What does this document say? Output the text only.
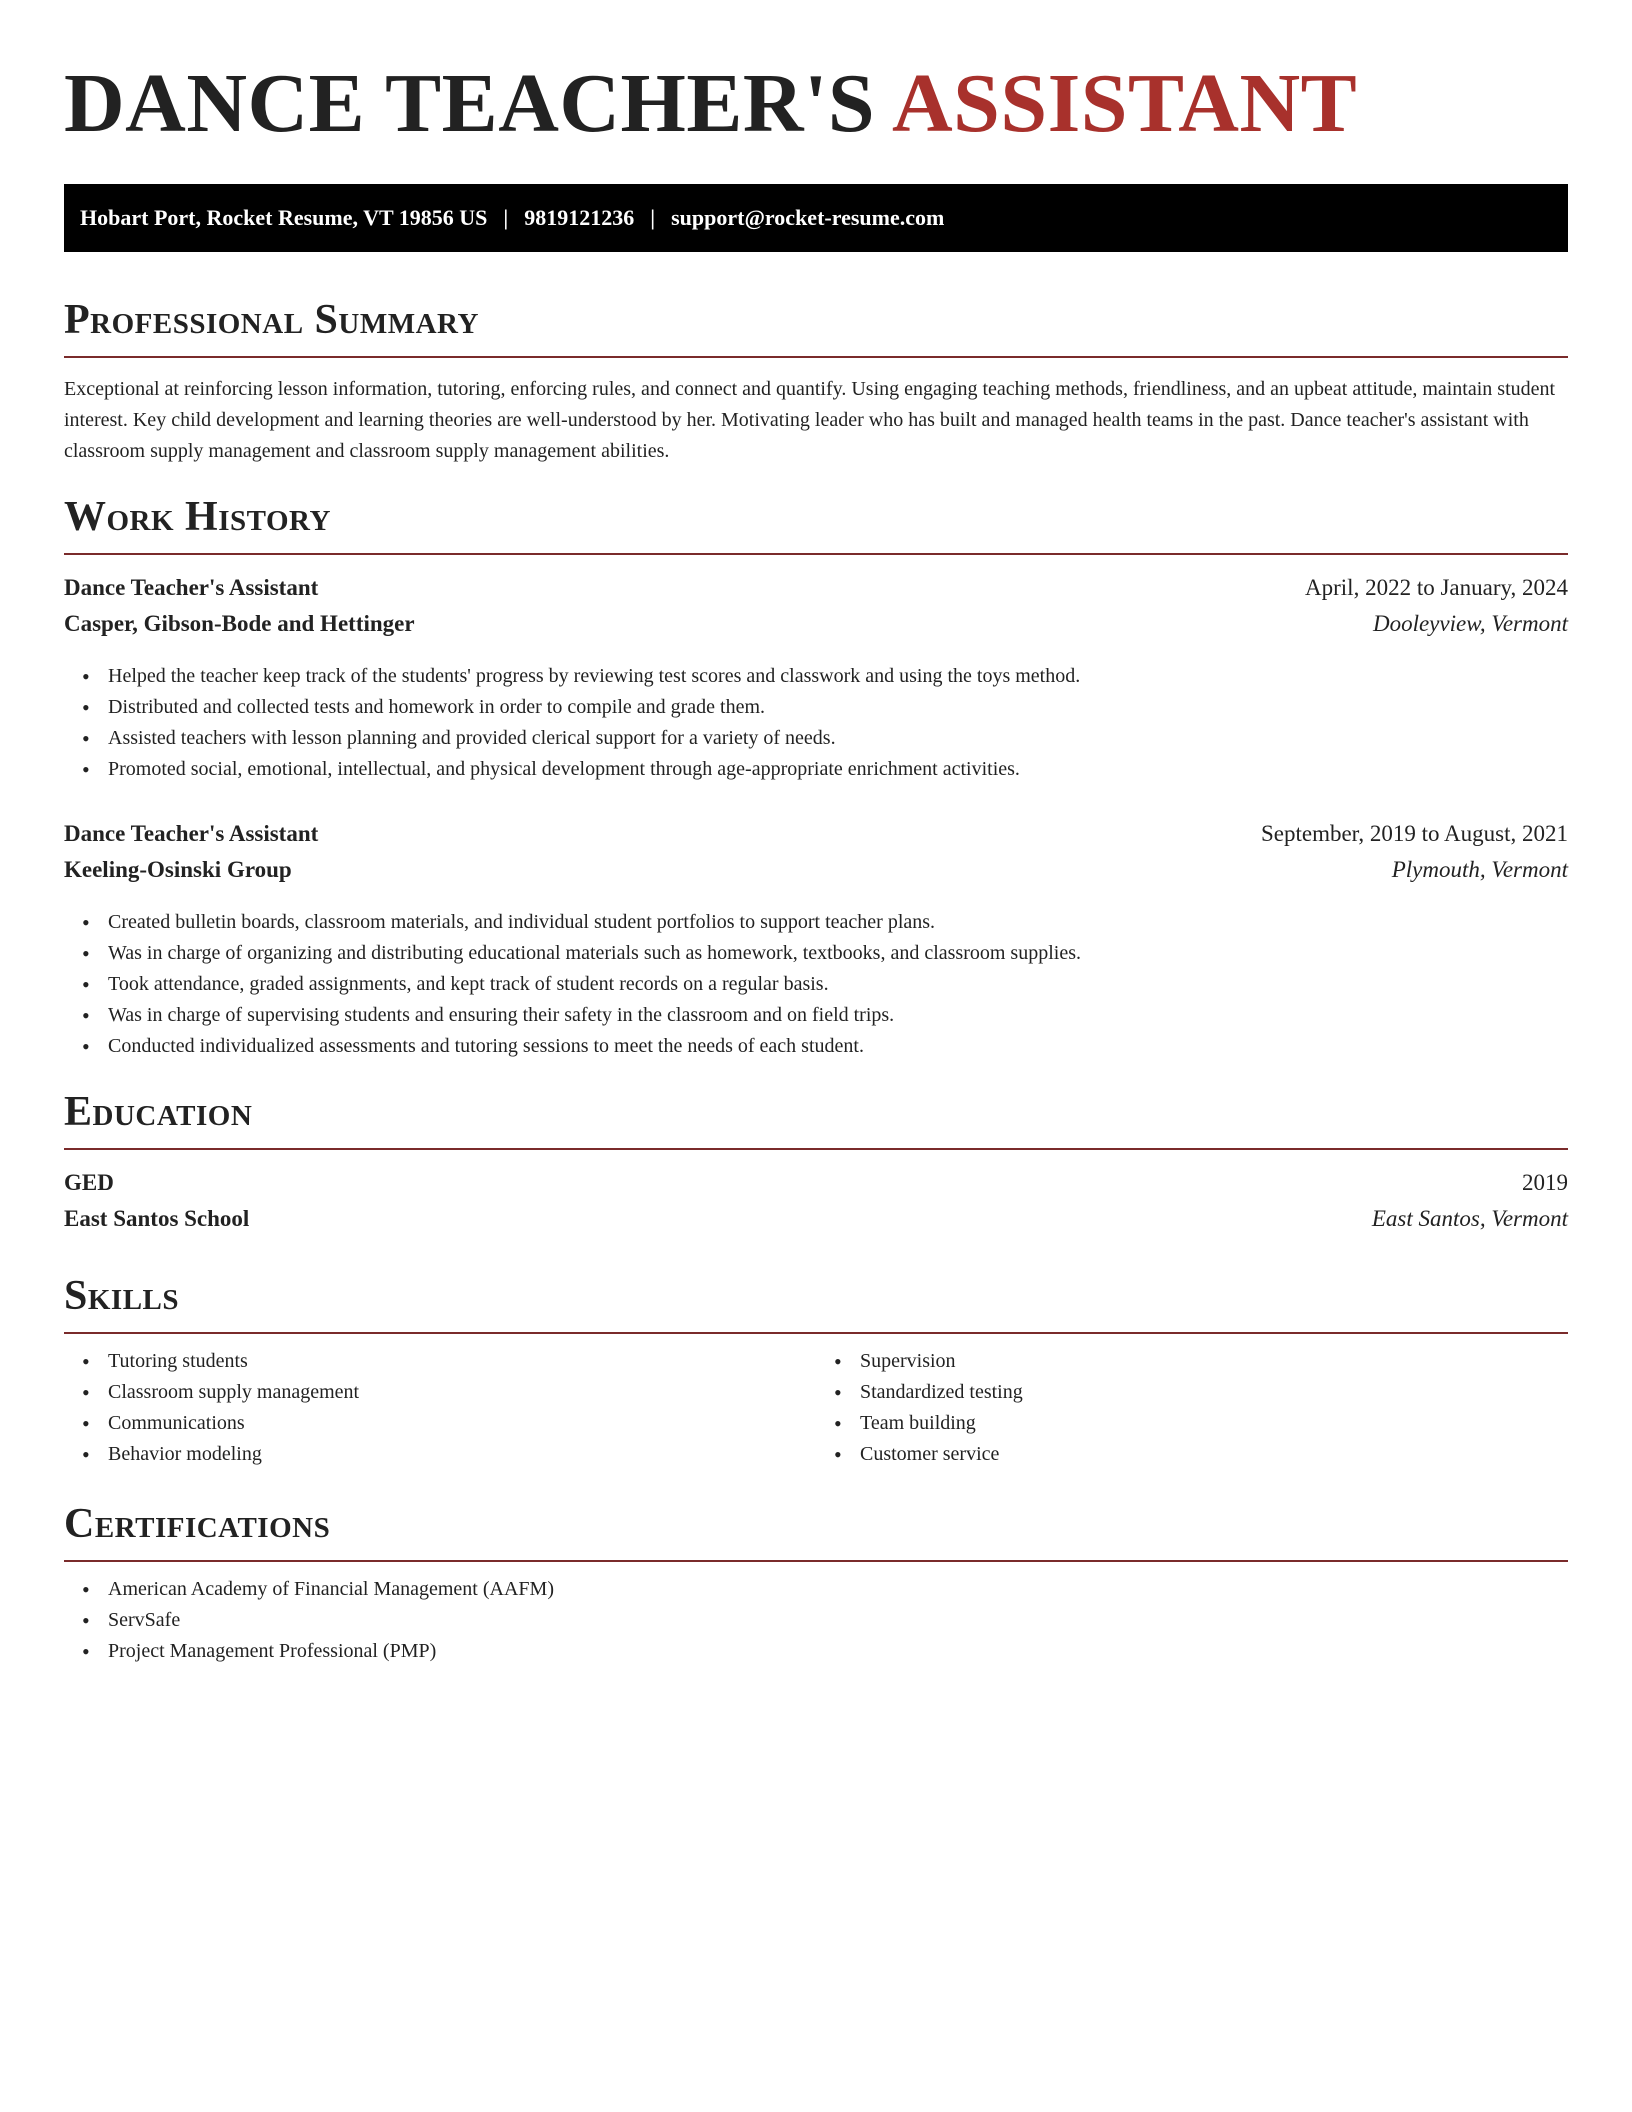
DANCE TEACHER'S ASSISTANT
Hobart Port, Rocket Resume, VT 19856 US | 9819121236 | support@rocket-resume.com
Professional Summary

Exceptional at reinforcing lesson information, tutoring, enforcing rules, and connect and quantify. Using engaging teaching methods, friendliness, and an upbeat attitude, maintain student interest. Key child development and learning theories are well-understood by her. Motivating leader who has built and managed health teams in the past. Dance teacher's assistant with classroom supply management and classroom supply management abilities.

Work History
Dance Teacher's Assistant	April, 2022 to January, 2024
Casper, Gibson-Bode and Hettinger	Dooleyview, Vermont
• Helped the teacher keep track of the students' progress by reviewing test scores and classwork and using the toys method.
• Distributed and collected tests and homework in order to compile and grade them.
• Assisted teachers with lesson planning and provided clerical support for a variety of needs.
• Promoted social, emotional, intellectual, and physical development through age-appropriate enrichment activities.
Dance Teacher's Assistant	September, 2019 to August, 2021
Keeling-Osinski Group	Plymouth, Vermont
• Created bulletin boards, classroom materials, and individual student portfolios to support teacher plans.
• Was in charge of organizing and distributing educational materials such as homework, textbooks, and classroom supplies.
• Took attendance, graded assignments, and kept track of student records on a regular basis.
• Was in charge of supervising students and ensuring their safety in the classroom and on field trips.
• Conducted individualized assessments and tutoring sessions to meet the needs of each student.
Education
GED	2019
East Santos School	East Santos, Vermont
Skills
• Tutoring students
• Classroom supply management
• Communications
• Behavior modeling
• Supervision
• Standardized testing
• Team building
• Customer service
Certifications
• American Academy of Financial Management (AAFM)
• ServSafe
• Project Management Professional (PMP)
